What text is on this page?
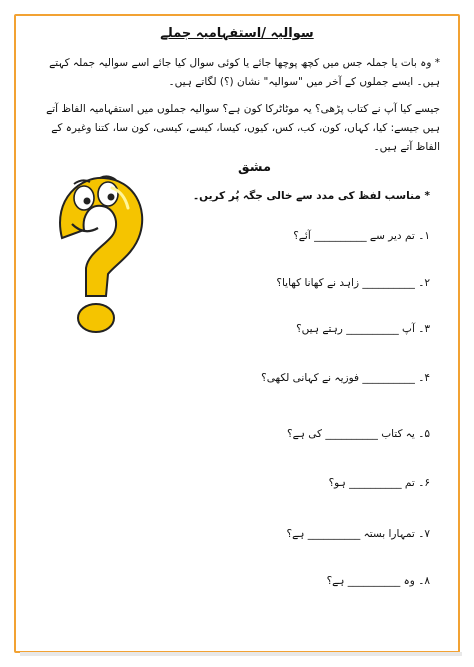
سوالیہ /استفہامیہ جملے

* وہ بات یا جملہ جس میں کچھ پوچھا جائے یا کوئی سوال کیا جائے اسے سوالیہ جملہ کہتے ہیں۔ ایسے جملوں کے آخر میں "سوالیہ" نشان (؟) لگاتے ہیں۔

جیسے کیا آپ نے کتاب پڑھی؟ یہ موٹاٹرکا کون ہے؟ سوالیہ جملوں میں استفہامیہ الفاظ آتے ہیں جیسے: کیا، کہاں، کون، کب، کس، کیوں، کیسا، کیسے، کیسی، کون سا، کتنا وغیرہ کے الفاظ آتے ہیں۔

مشق
* مناسب لفظ کی مدد سے خالی جگہ پُر کریں۔
۱۔ تم دیر سے __________ آئے؟
۲۔ __________ زاہد نے کھانا کھایا؟
۳۔ آپ __________ رہتے ہیں؟
۴۔ __________ فوزیہ نے کہانی لکھی؟
۵۔ یہ کتاب __________ کی ہے؟
۶۔ تم __________ ہو؟
۷۔ تمہارا بستہ __________ ہے؟
۸۔ وہ __________ ہے؟
